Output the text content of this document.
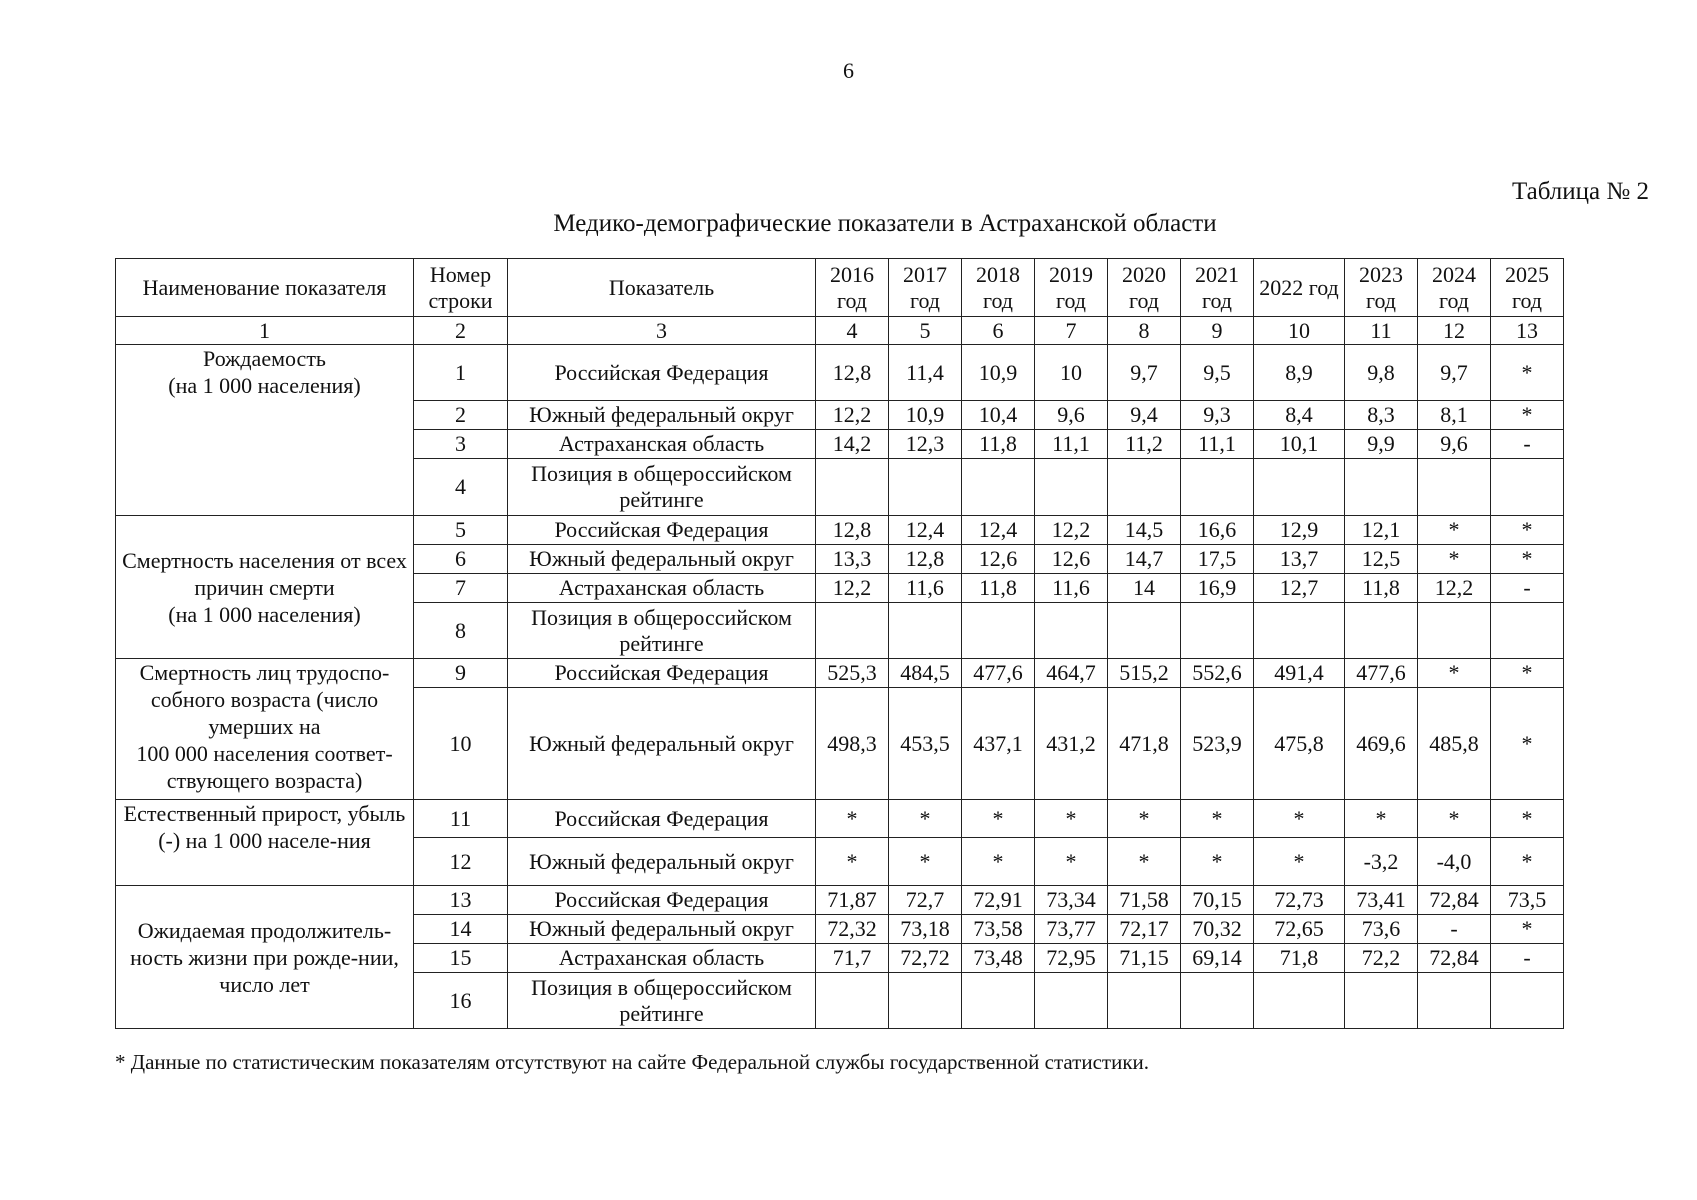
6
Таблица № 2
Медико-демографические показатели в Астраханской области
Наименование показателя	Номер строки	Показатель	2016 год	2017 год	2018 год	2019 год	2020 год	2021 год	2022 год	2023 год	2024 год	2025 год
1	2	3	4	5	6	7	8	9	10	11	12	13
Рождаемость
(на 1 000 населения)	1	Российская Федерация	12,8	11,4	10,9	10	9,7	9,5	8,9	9,8	9,7	*
	2	Южный федеральный округ	12,2	10,9	10,4	9,6	9,4	9,3	8,4	8,3	8,1	*
	3	Астраханская область	14,2	12,3	11,8	11,1	11,2	11,1	10,1	9,9	9,6	-
	4	Позиция в общероссийском рейтинге										
Смертность населения от всех причин смерти
(на 1 000 населения)	5	Российская Федерация	12,8	12,4	12,4	12,2	14,5	16,6	12,9	12,1	*	*
	6	Южный федеральный округ	13,3	12,8	12,6	12,6	14,7	17,5	13,7	12,5	*	*
	7	Астраханская область	12,2	11,6	11,8	11,6	14	16,9	12,7	11,8	12,2	-
	8	Позиция в общероссийском рейтинге										
Смертность лиц трудоспо-собного возраста (число умерших на
100 000 населения соответ-ствующего возраста)	9	Российская Федерация	525,3	484,5	477,6	464,7	515,2	552,6	491,4	477,6	*	*
	10	Южный федеральный округ	498,3	453,5	437,1	431,2	471,8	523,9	475,8	469,6	485,8	*
Естественный прирост, убыль (-) на 1 000 населе-ния	11	Российская Федерация	*	*	*	*	*	*	*	*	*	*
	12	Южный федеральный округ	*	*	*	*	*	*	*	-3,2	-4,0	*
Ожидаемая продолжитель-ность жизни при рожде-нии, число лет	13	Российская Федерация	71,87	72,7	72,91	73,34	71,58	70,15	72,73	73,41	72,84	73,5
	14	Южный федеральный округ	72,32	73,18	73,58	73,77	72,17	70,32	72,65	73,6	-	*
	15	Астраханская область	71,7	72,72	73,48	72,95	71,15	69,14	71,8	72,2	72,84	-
	16	Позиция в общероссийском рейтинге										
* Данные по статистическим показателям отсутствуют на сайте Федеральной службы государственной статистики.
